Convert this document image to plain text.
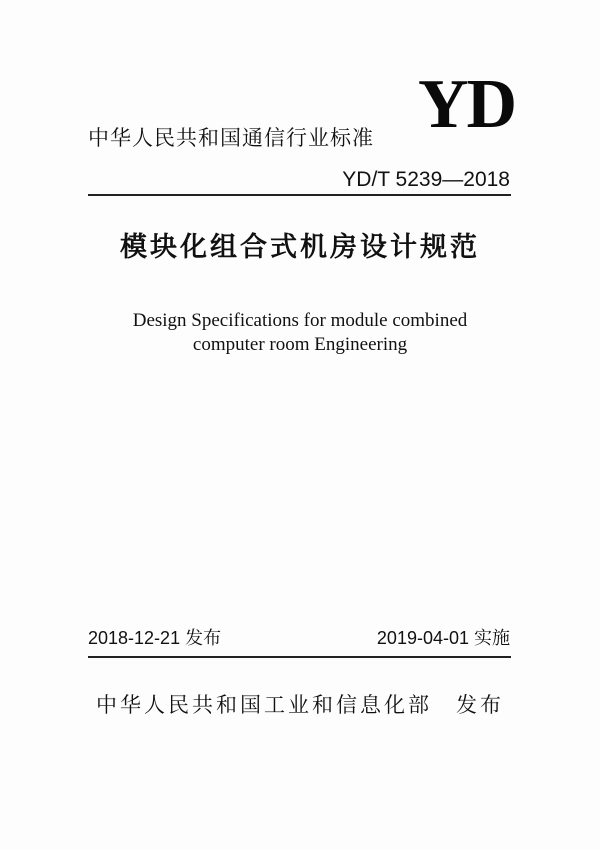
YD
中华人民共和国通信行业标准
YD/T 5239—2018
模块化组合式机房设计规范
Design Specifications for module combined
computer room Engineering
2018-12-21 发布	2019-04-01 实施
中华人民共和国工业和信息化部 发布
